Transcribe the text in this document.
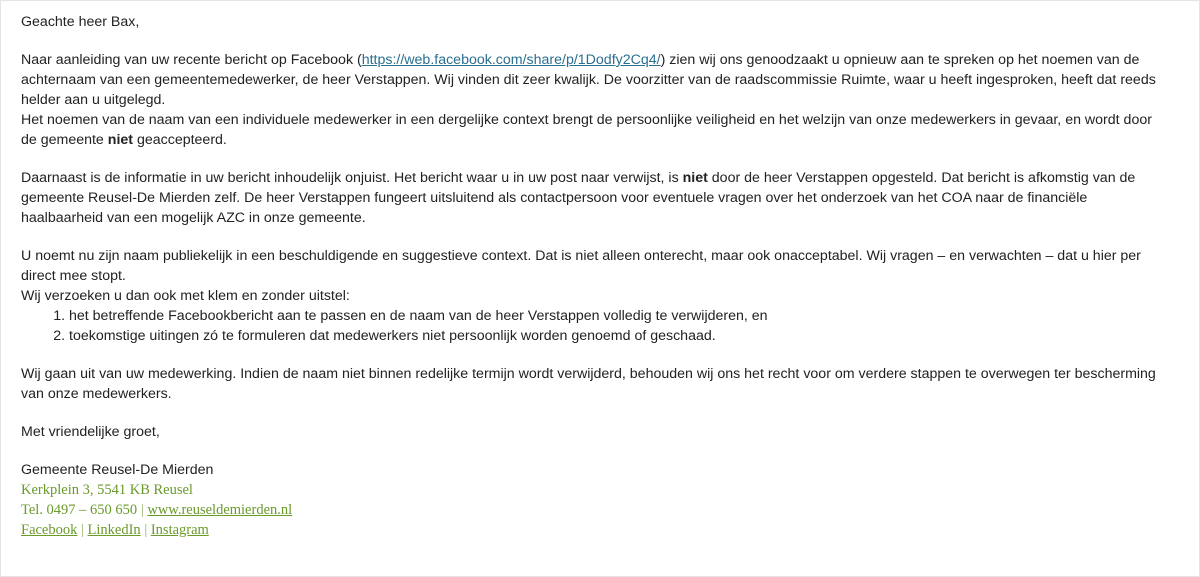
Geachte heer Bax,

Naar aanleiding van uw recente bericht op Facebook (https://web.facebook.com/share/p/1Dodfy2Cq4/) zien wij ons genoodzaakt u opnieuw aan te spreken op het noemen van de achternaam van een gemeentemedewerker, de heer Verstappen. Wij vinden dit zeer kwalijk. De voorzitter van de raadscommissie Ruimte, waar u heeft ingesproken, heeft dat reeds helder aan u uitgelegd.

Het noemen van de naam van een individuele medewerker in een dergelijke context brengt de persoonlijke veiligheid en het welzijn van onze medewerkers in gevaar, en wordt door de gemeente niet geaccepteerd.

Daarnaast is de informatie in uw bericht inhoudelijk onjuist. Het bericht waar u in uw post naar verwijst, is niet door de heer Verstappen opgesteld. Dat bericht is afkomstig van de gemeente Reusel-De Mierden zelf. De heer Verstappen fungeert uitsluitend als contactpersoon voor eventuele vragen over het onderzoek van het COA naar de financiële haalbaarheid van een mogelijk AZC in onze gemeente.

U noemt nu zijn naam publiekelijk in een beschuldigende en suggestieve context. Dat is niet alleen onterecht, maar ook onacceptabel. Wij vragen – en verwachten – dat u hier per direct mee stopt.

Wij verzoeken u dan ook met klem en zonder uitstel:

1. het betreffende Facebookbericht aan te passen en de naam van de heer Verstappen volledig te verwijderen, en
2. toekomstige uitingen zó te formuleren dat medewerkers niet persoonlijk worden genoemd of geschaad.

Wij gaan uit van uw medewerking. Indien de naam niet binnen redelijke termijn wordt verwijderd, behouden wij ons het recht voor om verdere stappen te overwegen ter bescherming van onze medewerkers.

Met vriendelijke groet,

Gemeente Reusel-De Mierden

Kerkplein 3, 5541 KB Reusel

Tel. 0497 – 650 650 | www.reuseldemierden.nl

Facebook | LinkedIn | Instagram
